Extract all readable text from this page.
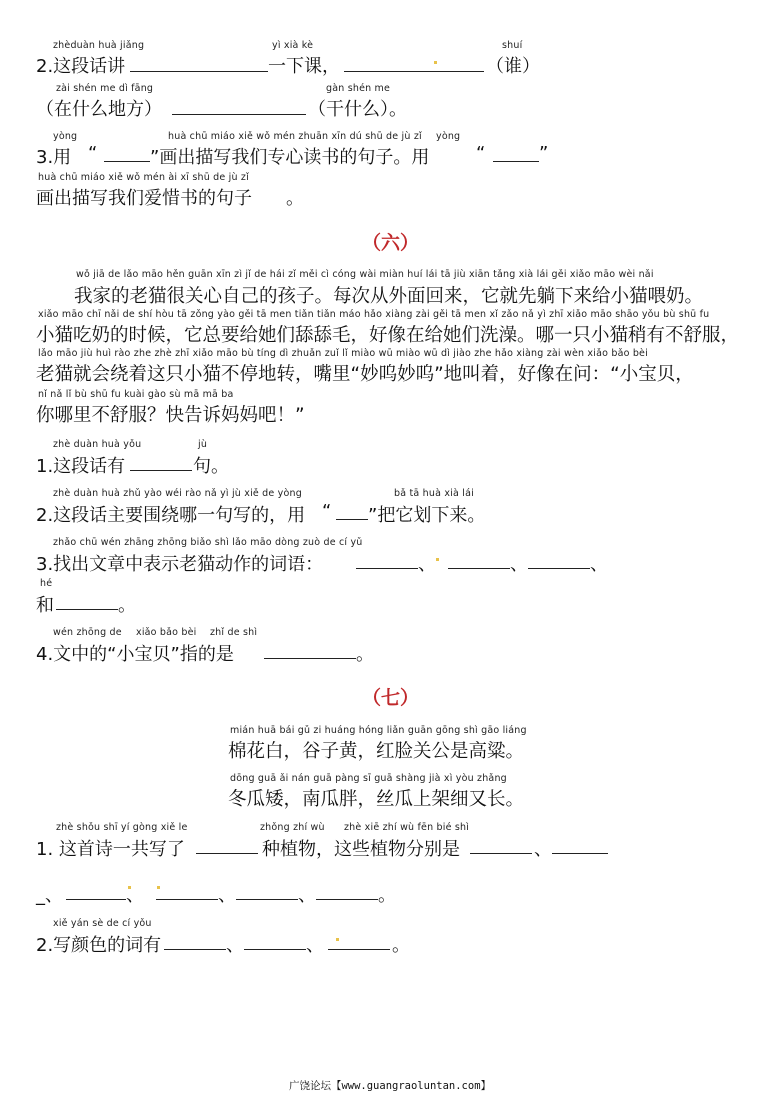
zhèduàn huà jiǎng	yì xià kè	shuí
2.这段话讲	一下课，	（谁）
zài shén me dì fāng	gàn shén me
（在什么地方）	（干什么）。
yòng	huà chū miáo xiě wǒ mén zhuān xīn dú shū de jù zǐ yòng
3.用 “	”画出描写我们专心读书的句子。用	“	”
huà chū miáo xiě wǒ mén ài xī shū de jù zǐ
画出描写我们爱惜书的句子 。
（六）
wǒ jiā de lǎo māo hěn guān xīn zì jǐ de hái zǐ měi cì cóng wài miàn huí lái tā jiù xiān tǎng xià lái gěi xiǎo māo wèi nǎi
我家的老猫很关心自己的孩子。每次从外面回来，它就先躺下来给小猫喂奶。
xiǎo māo chī nǎi de shí hòu tā zǒng yào gěi tā men tiǎn tiǎn máo hǎo xiàng zài gěi tā men xǐ zǎo nǎ yì zhī xiǎo māo shāo yǒu bù shū fu
小猫吃奶的时候，它总要给她们舔舔毛，好像在给她们洗澡。哪一只小猫稍有不舒服，
lǎo māo jiù huì rào zhe zhè zhī xiǎo māo bù tíng dì zhuǎn zuǐ lǐ miào wū miào wū dì jiào zhe hǎo xiàng zài wèn xiǎo bǎo bèi
老猫就会绕着这只小猫不停地转，嘴里“妙呜妙呜”地叫着，好像在问：“小宝贝，
nǐ nǎ lǐ bù shū fu kuài gào sù mā mā ba
你哪里不舒服？快告诉妈妈吧！”
zhè duàn huà yǒu	jù
1.这段话有	句。
zhè duàn huà zhǔ yào wéi rào nǎ yì jù xiě de yòng	bǎ tā huà xià lái
2.这段话主要围绕哪一句写的，用 “ ”把它划下来。
zhǎo chū wén zhāng zhōng biǎo shì lǎo māo dòng zuò de cí yǔ
3.找出文章中表示老猫动作的词语：	、	、	、
hé
和	。
wén zhōng de xiǎo bǎo bèi zhǐ de shì
4.文中的“小宝贝”指的是	。
（七）
mián huā bái gǔ zi huáng hóng liǎn guān gōng shì gāo liáng
棉花白，谷子黄，红脸关公是高粱。
dōng guā ǎi nán guā pàng sī guā shàng jià xì yòu zhǎng
冬瓜矮，南瓜胖，丝瓜上架细又长。
zhè shǒu shī yí gòng xiě le	zhǒng zhí wù zhè xiē zhí wù fēn bié shì
1. 这首诗一共写了	种植物，这些植物分别是	、
_、	、	、	、	。
xiě yán sè de cí yǒu
2.写颜色的词有	、	、	。
广饶论坛【www.guangraoluntan.com】
